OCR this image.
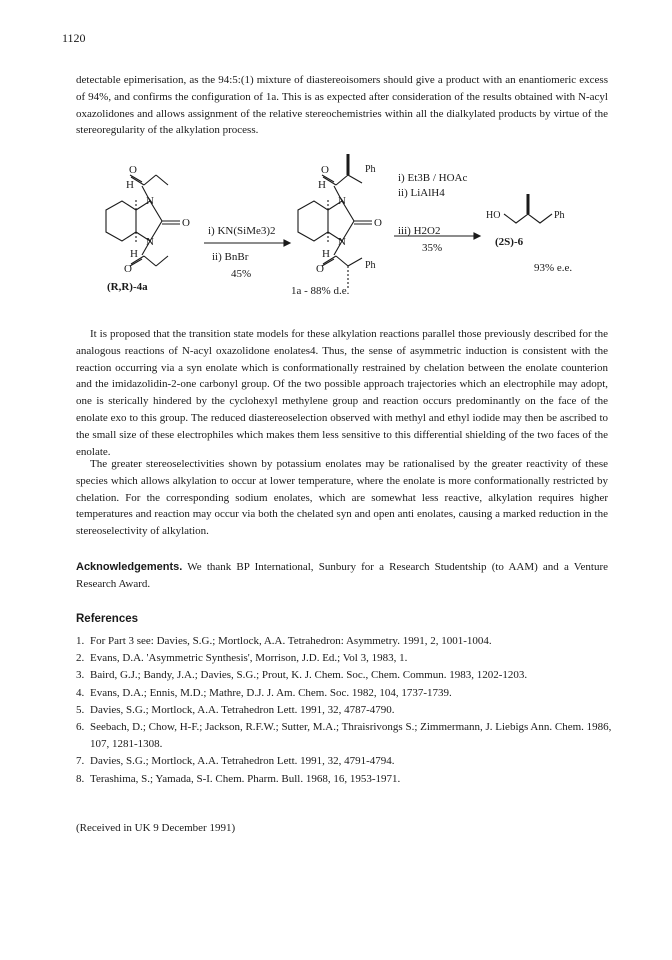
1120

detectable epimerisation, as the 94:5:(1) mixture of diastereoisomers should give a product with an enantiomeric excess of 94%, and confirms the configuration of 1a. This is as expected after consideration of the results obtained with N-acyl oxazolidones and allows assignment of the relative stereochemistries within all the dialkylated products by virtue of the stereoregularity of the alkylation process.

O
H
N
O
N
H
O
(R,R)-4a
i) KN(SiMe3)2
ii) BnBr
45%
O
H
Ph
N
O
N
H
O	Ph
1a - 88% d.e.
i) Et3B / HOAc
ii) LiAlH4
iii) H2O2
35%
HO	Ph
(2S)-6
93% e.e.

It is proposed that the transition state models for these alkylation reactions parallel those previously described for the analogous reactions of N-acyl oxazolidone enolates4. Thus, the sense of asymmetric induction is consistent with the reaction occurring via a syn enolate which is conformationally restrained by chelation between the enolate counterion and the imidazolidin-2-one carbonyl group. Of the two possible approach trajectories which an electrophile may adopt, one is sterically hindered by the cyclohexyl methylene group and reaction occurs predominantly on the face of the enolate exo to this group. The reduced diastereoselection observed with methyl and ethyl iodide may then be ascribed to the small size of these electrophiles which makes them less sensitive to this differential shielding of the two faces of the enolate.

The greater stereoselectivities shown by potassium enolates may be rationalised by the greater reactivity of these species which allows alkylation to occur at lower temperature, where the enolate is more conformationally restricted by chelation. For the corresponding sodium enolates, which are somewhat less reactive, alkylation requires higher temperatures and reaction may occur via both the chelated syn and open anti enolates, causing a marked reduction in the stereoselectivity of alkylation.

Acknowledgements. We thank BP International, Sunbury for a Research Studentship (to AAM) and a Venture Research Award.

References
1. For Part 3 see: Davies, S.G.; Mortlock, A.A. Tetrahedron: Asymmetry. 1991, 2, 1001-1004.
2. Evans, D.A. 'Asymmetric Synthesis', Morrison, J.D. Ed.; Vol 3, 1983, 1.
3. Baird, G.J.; Bandy, J.A.; Davies, S.G.; Prout, K. J. Chem. Soc., Chem. Commun. 1983, 1202-1203.
4. Evans, D.A.; Ennis, M.D.; Mathre, D.J. J. Am. Chem. Soc. 1982, 104, 1737-1739.
5. Davies, S.G.; Mortlock, A.A. Tetrahedron Lett. 1991, 32, 4787-4790.
6. Seebach, D.; Chow, H-F.; Jackson, R.F.W.; Sutter, M.A.; Thraisrivongs S.; Zimmermann, J. Liebigs Ann. Chem. 1986, 107, 1281-1308.
7. Davies, S.G.; Mortlock, A.A. Tetrahedron Lett. 1991, 32, 4791-4794.
8. Terashima, S.; Yamada, S-I. Chem. Pharm. Bull. 1968, 16, 1953-1971.
(Received in UK 9 December 1991)
